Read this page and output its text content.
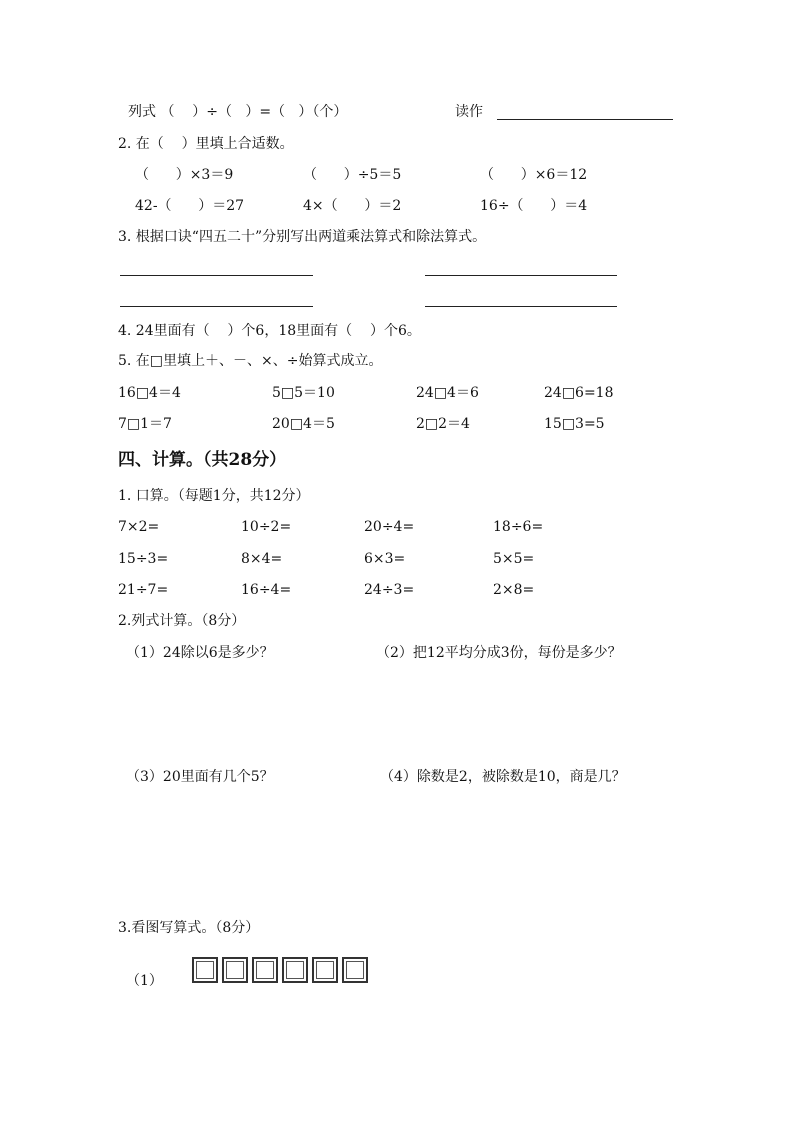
列式 （    ）÷（   ）=（   ）（个）	读作
2. 在（    ）里填上合适数。
（      ）×3＝9	（      ）÷5＝5	（      ）×6＝12
42-（      ）＝27	4×（      ）＝2	16÷（      ）＝4
3. 根据口诀“四五二十”分别写出两道乘法算式和除法算式。
4. 24里面有（    ）个6，18里面有（    ）个6。
5. 在□里填上＋、－、×、÷始算式成立。
16□4＝4	5□5＝10	24□4＝6	24□6=18
7□1＝7	20□4＝5	2□2＝4	15□3=5
四、计算。（共28分）
1. 口算。（每题1分，共12分）
7×2=	10÷2=	20÷4=	18÷6=
15÷3=	8×4=	6×3=	5×5=
21÷7=	16÷4=	24÷3=	2×8=
2.列式计算。（8分）
（1）24除以6是多少？	（2）把12平均分成3份，每份是多少？
（3）20里面有几个5？	（4）除数是2，被除数是10，商是几？
3.看图写算式。（8分）
（1）
